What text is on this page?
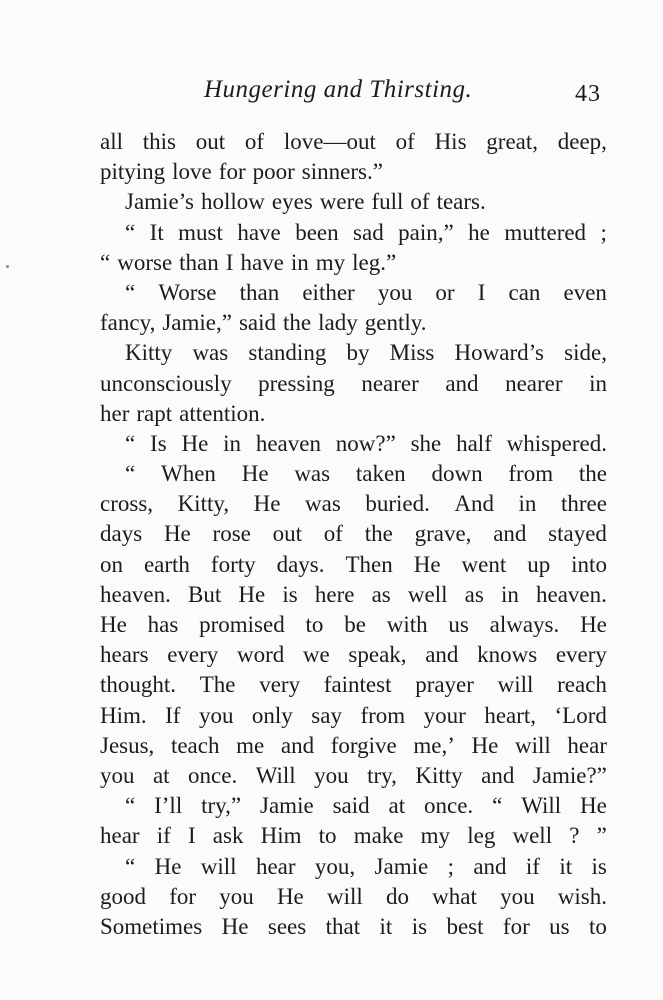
Hungering and Thirsting.	43
all this out of love—out of His great, deep,
pitying love for poor sinners.”
Jamie’s hollow eyes were full of tears.
“ It must have been sad pain,” he muttered ;
“ worse than I have in my leg.”
“ Worse than either you or I can even
fancy, Jamie,” said the lady gently.
Kitty was standing by Miss Howard’s side,
unconsciously pressing nearer and nearer in
her rapt attention.
“ Is He in heaven now?” she half whispered.
“ When He was taken down from the
cross, Kitty, He was buried. And in three
days He rose out of the grave, and stayed
on earth forty days. Then He went up into
heaven. But He is here as well as in heaven.
He has promised to be with us always. He
hears every word we speak, and knows every
thought. The very faintest prayer will reach
Him. If you only say from your heart, ‘Lord
Jesus, teach me and forgive me,’ He will hear
you at once. Will you try, Kitty and Jamie?”
“ I’ll try,” Jamie said at once. “ Will He
hear if I ask Him to make my leg well ? ”
“ He will hear you, Jamie ; and if it is
good for you He will do what you wish.
Sometimes He sees that it is best for us to
